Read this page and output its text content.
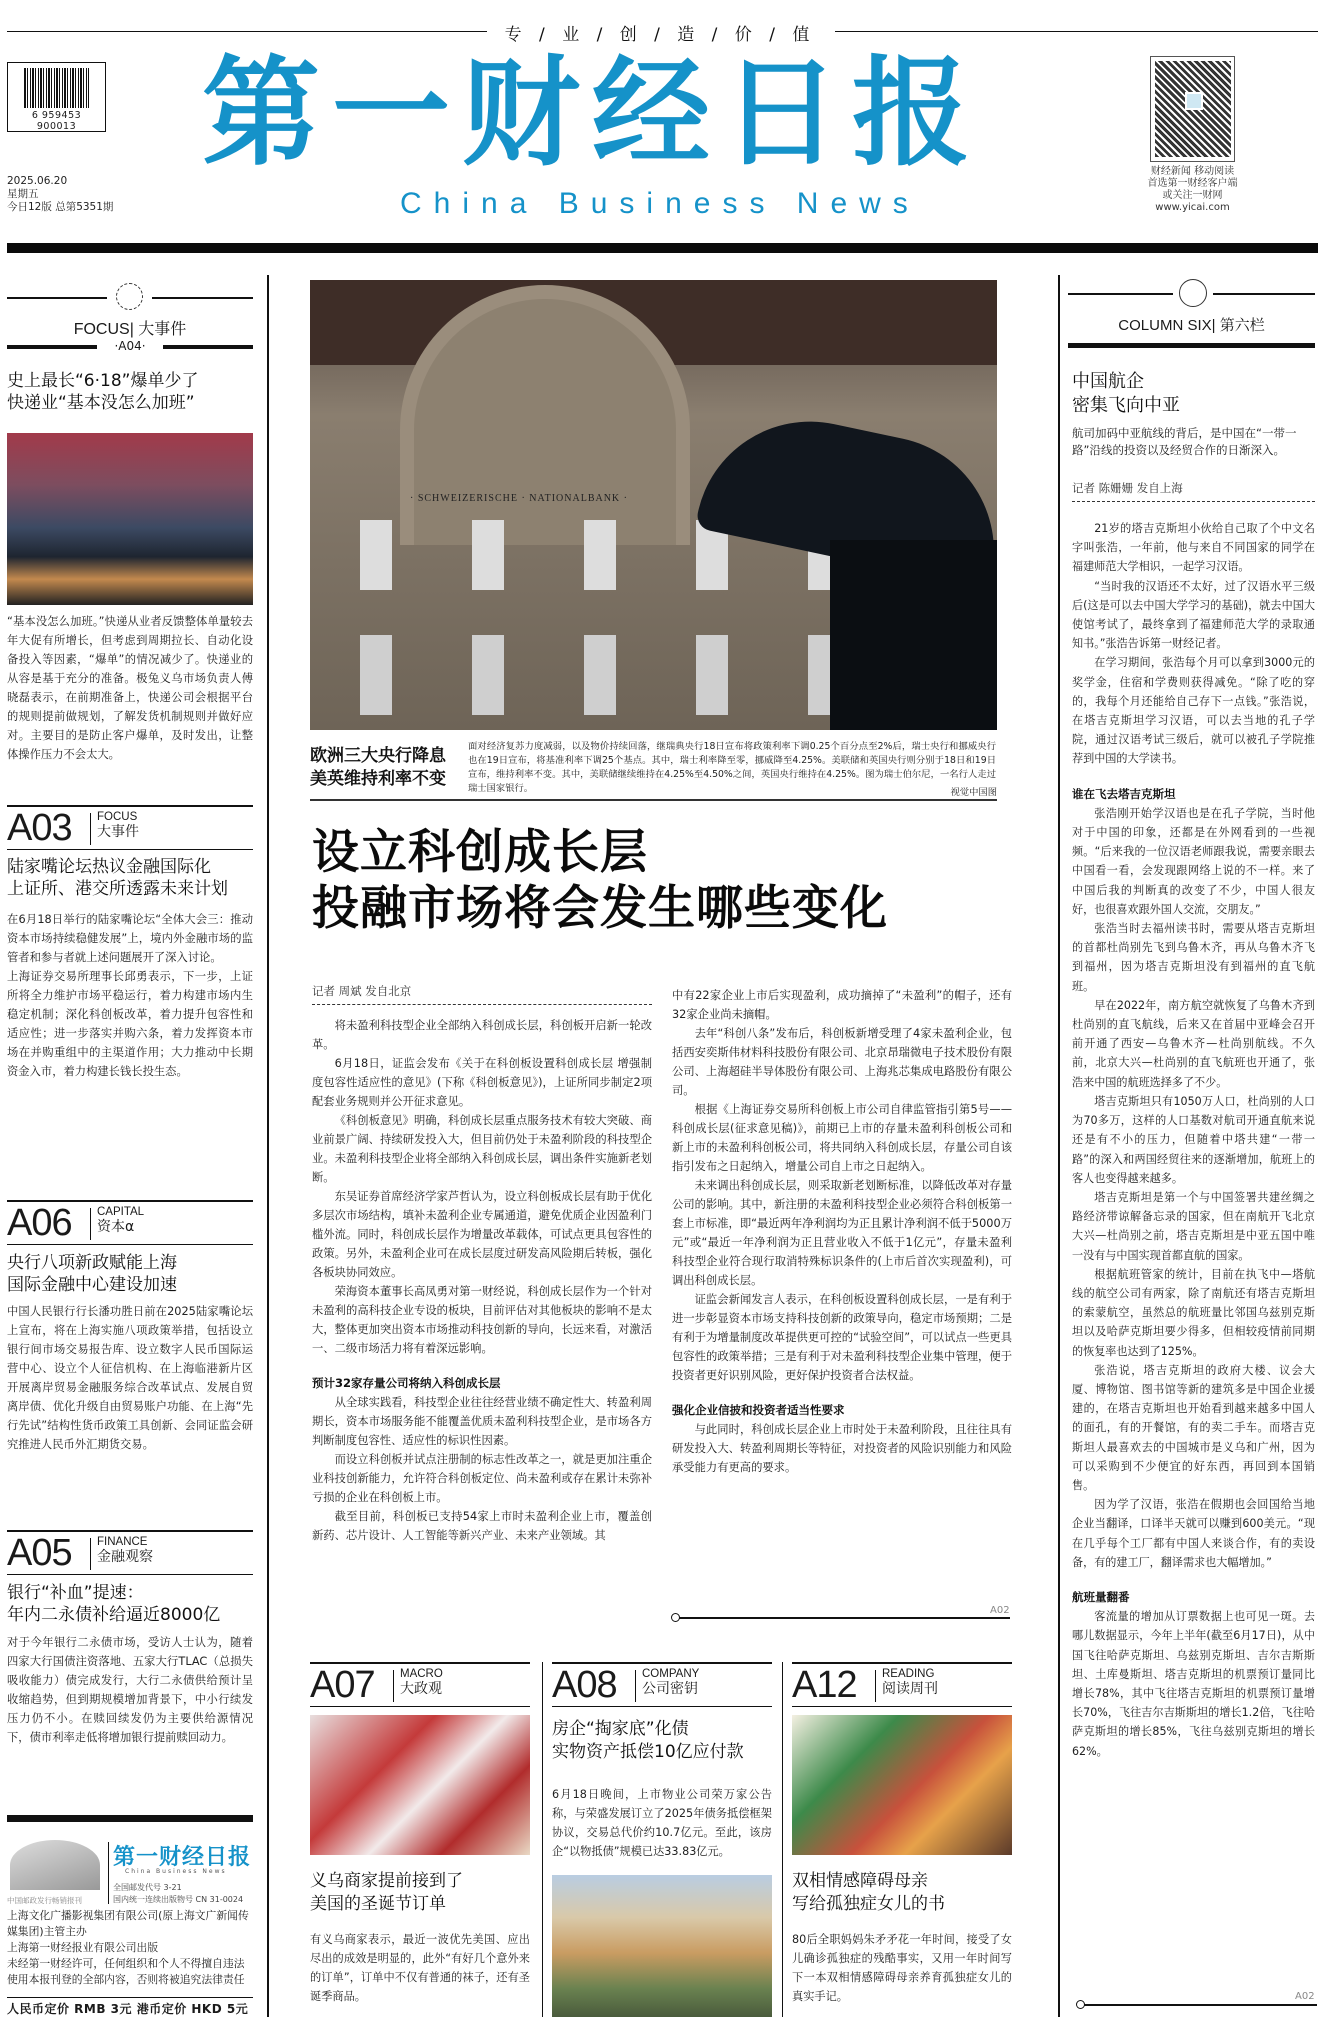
专 / 业 / 创 / 造 / 价 / 值
6 959453 900013
2025.06.20
星期五
今日12版 总第5351期
第一财经日报
China Business News
财经新闻 移动阅读
首选第一财经客户端
或关注一财网
www.yicai.com
FOCUS| 大事件
·A04·
史上最长“6·18”爆单少了
快递业“基本没怎么加班”
“基本没怎么加班。”快递从业者反馈整体单量较去年大促有所增长，但考虑到周期拉长、自动化设备投入等因素，“爆单”的情况减少了。快递业的从容是基于充分的准备。极兔义乌市场负责人傅晓磊表示，在前期准备上，快递公司会根据平台的规则提前做规划，了解发货机制规则并做好应对。主要目的是防止客户爆单，及时发出，让整体操作压力不会太大。
A03 FOCUS
大事件
陆家嘴论坛热议金融国际化
上证所、港交所透露未来计划
在6月18日举行的陆家嘴论坛“全体大会三：推动资本市场持续稳健发展”上，境内外金融市场的监管者和参与者就上述问题展开了深入讨论。
上海证券交易所理事长邱勇表示，下一步，上证所将全力维护市场平稳运行，着力构建市场内生稳定机制；深化科创板改革，着力提升包容性和适应性；进一步落实并购六条，着力发挥资本市场在并购重组中的主渠道作用；大力推动中长期资金入市，着力构建长钱长投生态。
A06 CAPITAL
资本α
央行八项新政赋能上海
国际金融中心建设加速
中国人民银行行长潘功胜日前在2025陆家嘴论坛上宣布，将在上海实施八项政策举措，包括设立银行间市场交易报告库、设立数字人民币国际运营中心、设立个人征信机构、在上海临港新片区开展离岸贸易金融服务综合改革试点、发展自贸离岸债、优化升级自由贸易账户功能、在上海“先行先试”结构性货币政策工具创新、会同证监会研究推进人民币外汇期货交易。
A05 FINANCE
金融观察
银行“补血”提速：
年内二永债补给逼近8000亿
对于今年银行二永债市场，受访人士认为，随着四家大行国债注资落地、五家大行TLAC（总损失吸收能力）债完成发行，大行二永债供给预计呈收缩趋势，但到期规模增加背景下，中小行续发压力仍不小。在赎回续发仍为主要供给源情况下，债市利率走低将增加银行提前赎回动力。
中国邮政发行畅销报刊
第一财经日报
China Business News
全国邮发代号 3-21
国内统一连续出版物号 CN 31-0024
上海文化广播影视集团有限公司(原上海文广新闻传媒集团)主管主办
上海第一财经报业有限公司出版
未经第一财经许可，任何组织和个人不得擅自违法使用本报刊登的全部内容，否则将被追究法律责任
人民币定价 RMB 3元 港币定价 HKD 5元
· SCHWEIZERISCHE · NATIONALBANK ·
欧洲三大央行降息
美英维持利率不变
面对经济复苏力度减弱，以及物价持续回落，继瑞典央行18日宣布将政策利率下调0.25个百分点至2%后，瑞士央行和挪威央行也在19日宣布，将基准利率下调25个基点。其中，瑞士利率降至零，挪威降至4.25%。美联储和英国央行则分别于18日和19日宣布，维持利率不变。其中，美联储继续维持在4.25%至4.50%之间，英国央行维持在4.25%。图为瑞士伯尔尼，一名行人走过瑞士国家银行。	视觉中国图
设立科创成长层
投融市场将会发生哪些变化
记者 周斌 发自北京
将未盈利科技型企业全部纳入科创成长层，科创板开启新一轮改革。
6月18日，证监会发布《关于在科创板设置科创成长层 增强制度包容性适应性的意见》(下称《科创板意见》)，上证所同步制定2项配套业务规则并公开征求意见。
《科创板意见》明确，科创成长层重点服务技术有较大突破、商业前景广阔、持续研发投入大，但目前仍处于未盈利阶段的科技型企业。未盈利科技型企业将全部纳入科创成长层，调出条件实施新老划断。
东吴证券首席经济学家芦哲认为，设立科创板成长层有助于优化多层次市场结构，填补未盈利企业专属通道，避免优质企业因盈利门槛外流。同时，科创成长层作为增量改革载体，可试点更具包容性的政策。另外，未盈利企业可在成长层度过研发高风险期后转板，强化各板块协同效应。
荣海资本董事长高凤勇对第一财经说，科创成长层作为一个针对未盈利的高科技企业专设的板块，目前评估对其他板块的影响不是太大，整体更加突出资本市场推动科技创新的导向，长远来看，对激活一、二级市场活力将有着深远影响。
预计32家存量公司将纳入科创成长层
从全球实践看，科技型企业往往经营业绩不确定性大、转盈利周期长，资本市场服务能不能覆盖优质未盈利科技型企业，是市场各方判断制度包容性、适应性的标识性因素。
而设立科创板并试点注册制的标志性改革之一，就是更加注重企业科技创新能力，允许符合科创板定位、尚未盈利或存在累计未弥补亏损的企业在科创板上市。
截至目前，科创板已支持54家上市时未盈利企业上市，覆盖创新药、芯片设计、人工智能等新兴产业、未来产业领域。其
中有22家企业上市后实现盈利，成功摘掉了“未盈利”的帽子，还有32家企业尚未摘帽。
去年“科创八条”发布后，科创板新增受理了4家未盈利企业，包括西安奕斯伟材料科技股份有限公司、北京昂瑞微电子技术股份有限公司、上海超硅半导体股份有限公司、上海兆芯集成电路股份有限公司。
根据《上海证券交易所科创板上市公司自律监管指引第5号——科创成长层(征求意见稿)》，前期已上市的存量未盈利科创板公司和新上市的未盈利科创板公司，将共同纳入科创成长层，存量公司自该指引发布之日起纳入，增量公司自上市之日起纳入。
未来调出科创成长层，则采取新老划断标准，以降低改革对存量公司的影响。其中，新注册的未盈利科技型企业必须符合科创板第一套上市标准，即“最近两年净利润均为正且累计净利润不低于5000万元”或“最近一年净利润为正且营业收入不低于1亿元”，存量未盈利科技型企业符合现行取消特殊标识条件的(上市后首次实现盈利)，可调出科创成长层。
证监会新闻发言人表示，在科创板设置科创成长层，一是有利于进一步彰显资本市场支持科技创新的政策导向，稳定市场预期；二是有利于为增量制度改革提供更可控的“试验空间”，可以试点一些更具包容性的政策举措；三是有利于对未盈利科技型企业集中管理，便于投资者更好识别风险，更好保护投资者合法权益。
强化企业信披和投资者适当性要求
与此同时，科创成长层企业上市时处于未盈利阶段，且往往具有研发投入大、转盈利周期长等特征，对投资者的风险识别能力和风险承受能力有更高的要求。
A02
A07 MACRO
大政观
义乌商家提前接到了
美国的圣诞节订单
有义乌商家表示，最近一波优先美国、应出尽出的成效是明显的，此外“有好几个意外来的订单”，订单中不仅有普通的袜子，还有圣诞季商品。
A08 COMPANY
公司密钥
房企“掏家底”化债
实物资产抵偿10亿应付款
6月18日晚间，上市物业公司荣万家公告称，与荣盛发展订立了2025年债务抵偿框架协议，交易总代价约10.7亿元。至此，该房企“以物抵债”规模已达33.83亿元。
A12 READING
阅读周刊
双相情感障碍母亲
写给孤独症女儿的书
80后全职妈妈朱矛矛花一年时间，接受了女儿确诊孤独症的残酷事实，又用一年时间写下一本双相情感障碍母亲养育孤独症女儿的真实手记。
COLUMN SIX| 第六栏
中国航企
密集飞向中亚
航司加码中亚航线的背后，是中国在“一带一路”沿线的投资以及经贸合作的日渐深入。
记者 陈姗姗 发自上海
21岁的塔吉克斯坦小伙给自己取了个中文名字叫张浩，一年前，他与来自不同国家的同学在福建师范大学相识，一起学习汉语。
“当时我的汉语还不太好，过了汉语水平三级后(这是可以去中国大学学习的基础)，就去中国大使馆考试了，最终拿到了福建师范大学的录取通知书。”张浩告诉第一财经记者。
在学习期间，张浩每个月可以拿到3000元的奖学金，住宿和学费则获得减免。“除了吃的穿的，我每个月还能给自己存下一点钱。”张浩说，在塔吉克斯坦学习汉语，可以去当地的孔子学院，通过汉语考试三级后，就可以被孔子学院推荐到中国的大学读书。
谁在飞去塔吉克斯坦
张浩刚开始学汉语也是在孔子学院，当时他对于中国的印象，还都是在外网看到的一些视频。“后来我的一位汉语老师跟我说，需要亲眼去中国看一看，会发现跟网络上说的不一样。来了中国后我的判断真的改变了不少，中国人很友好，也很喜欢跟外国人交流，交朋友。”
张浩当时去福州读书时，需要从塔吉克斯坦的首都杜尚别先飞到乌鲁木齐，再从乌鲁木齐飞到福州，因为塔吉克斯坦没有到福州的直飞航班。
早在2022年，南方航空就恢复了乌鲁木齐到杜尚别的直飞航线，后来又在首届中亚峰会召开前开通了西安—乌鲁木齐—杜尚别航线。不久前，北京大兴—杜尚别的直飞航班也开通了，张浩来中国的航班选择多了不少。
塔吉克斯坦只有1050万人口，杜尚别的人口为70多万，这样的人口基数对航司开通直航来说还是有不小的压力，但随着中塔共建“一带一路”的深入和两国经贸往来的逐渐增加，航班上的客人也变得越来越多。
塔吉克斯坦是第一个与中国签署共建丝绸之路经济带谅解备忘录的国家，但在南航开飞北京大兴—杜尚别之前，塔吉克斯坦是中亚五国中唯一没有与中国实现首都直航的国家。
根据航班管家的统计，目前在执飞中—塔航线的航空公司有两家，除了南航还有塔吉克斯坦的索蒙航空，虽然总的航班量比邻国乌兹别克斯坦以及哈萨克斯坦要少得多，但相较疫情前同期的恢复率也达到了125%。
张浩说，塔吉克斯坦的政府大楼、议会大厦、博物馆、图书馆等新的建筑多是中国企业援建的，在塔吉克斯坦也开始看到越来越多中国人的面孔，有的开餐馆，有的卖二手车。而塔吉克斯坦人最喜欢去的中国城市是义乌和广州，因为可以采购到不少便宜的好东西，再回到本国销售。
因为学了汉语，张浩在假期也会回国给当地企业当翻译，口译半天就可以赚到600美元。“现在几乎每个工厂都有中国人来谈合作，有的卖设备，有的建工厂，翻译需求也大幅增加。”
航班量翻番
客流量的增加从订票数据上也可见一斑。去哪儿数据显示，今年上半年(截至6月17日)，从中国飞往哈萨克斯坦、乌兹别克斯坦、吉尔吉斯斯坦、土库曼斯坦、塔吉克斯坦的机票预订量同比增长78%，其中飞往塔吉克斯坦的机票预订量增长70%，飞往吉尔吉斯斯坦的增长1.2倍，飞往哈萨克斯坦的增长85%，飞往乌兹别克斯坦的增长62%。
A02
